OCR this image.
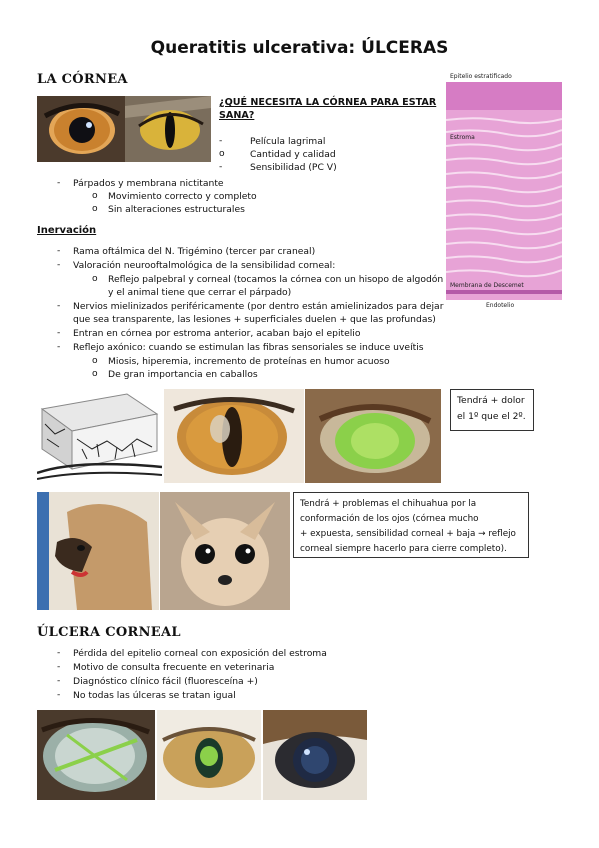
Queratitis ulcerativa: ÚLCERAS
LA CÓRNEA
¿QUÉ NECESITA LA CÓRNEA PARA ESTAR SANA?
-	Película lagrimal
o	Cantidad y calidad
-	Sensibilidad (PC V)
- Párpados y membrana nictitante
o Movimiento correcto y completo
o Sin alteraciones estructurales
Epitelio estratificado
Estroma
Membrana de Descemet
Endotelio
Inervación
- Rama oftálmica del N. Trigémino (tercer par craneal)
- Valoración neurooftalmológica de la sensibilidad corneal:
o Reflejo palpebral y corneal (tocamos la córnea con un hisopo de algodón
y el animal tiene que cerrar el párpado)
- Nervios mielinizados periféricamente (por dentro están amielinizados para dejar
que sea transparente, las lesiones + superficiales duelen + que las profundas)
- Entran en córnea por estroma anterior, acaban bajo el epitelio
- Reflejo axónico: cuando se estimulan las fibras sensoriales se induce uveítis
o Miosis, hiperemia, incremento de proteínas en humor acuoso
o De gran importancia en caballos
Tendrá + dolor
el 1º que el 2º.
Tendrá + problemas el chihuahua por la
conformación de los ojos (córnea mucho
+ expuesta, sensibilidad corneal + baja → reflejo
corneal siempre hacerlo para cierre completo).
ÚLCERA CORNEAL
- Pérdida del epitelio corneal con exposición del estroma
- Motivo de consulta frecuente en veterinaria
- Diagnóstico clínico fácil (fluoresceína +)
- No todas las úlceras se tratan igual
